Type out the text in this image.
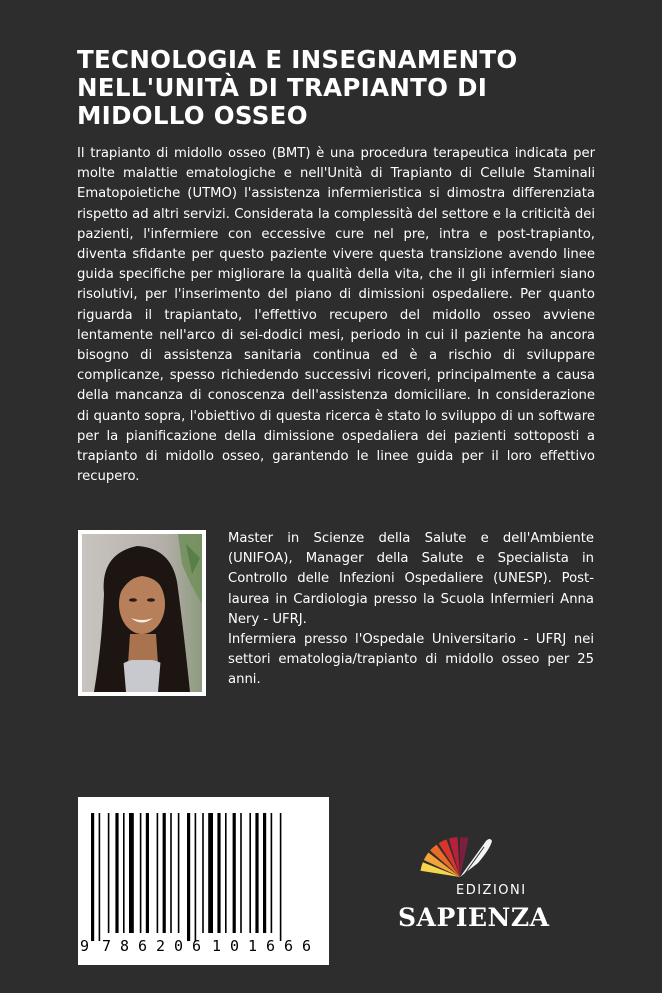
TECNOLOGIA E INSEGNAMENTO
NELL'UNITÀ DI TRAPIANTO DI
MIDOLLO OSSEO

Il trapianto di midollo osseo (BMT) è una procedura terapeutica indicata per molte malattie ematologiche e nell'Unità di Trapianto di Cellule Staminali Ematopoietiche (UTMO) l'assistenza infermieristica si dimostra differenziata rispetto ad altri servizi. Considerata la complessità del settore e la criticità dei pazienti, l'infermiere con eccessive cure nel pre, intra e post-trapianto, diventa sfidante per questo paziente vivere questa transizione avendo linee guida specifiche per migliorare la qualità della vita, che il gli infermieri siano risolutivi, per l'inserimento del piano di dimissioni ospedaliere. Per quanto riguarda il trapiantato, l'effettivo recupero del midollo osseo avviene lentamente nell'arco di sei-dodici mesi, periodo in cui il paziente ha ancora bisogno di assistenza sanitaria continua ed è a rischio di sviluppare complicanze, spesso richiedendo successivi ricoveri, principalmente a causa della mancanza di conoscenza dell'assistenza domiciliare. In considerazione di quanto sopra, l'obiettivo di questa ricerca è stato lo sviluppo di un software per la pianificazione della dimissione ospedaliera dei pazienti sottoposti a trapianto di midollo osseo, garantendo le linee guida per il loro effettivo recupero.

Master in Scienze della Salute e dell'Ambiente (UNIFOA), Manager della Salute e Specialista in Controllo delle Infezioni Ospedaliere (UNESP). Post-laurea in Cardiologia presso la Scuola Infermieri Anna Nery - UFRJ.

Infermiera presso l'Ospedale Universitario - UFRJ nei settori ematologia/trapianto di midollo osseo per 25 anni.

9 7 8 6 2 0 6 1 0 1 6 6 6
EDIZIONI
SAPIENZA
